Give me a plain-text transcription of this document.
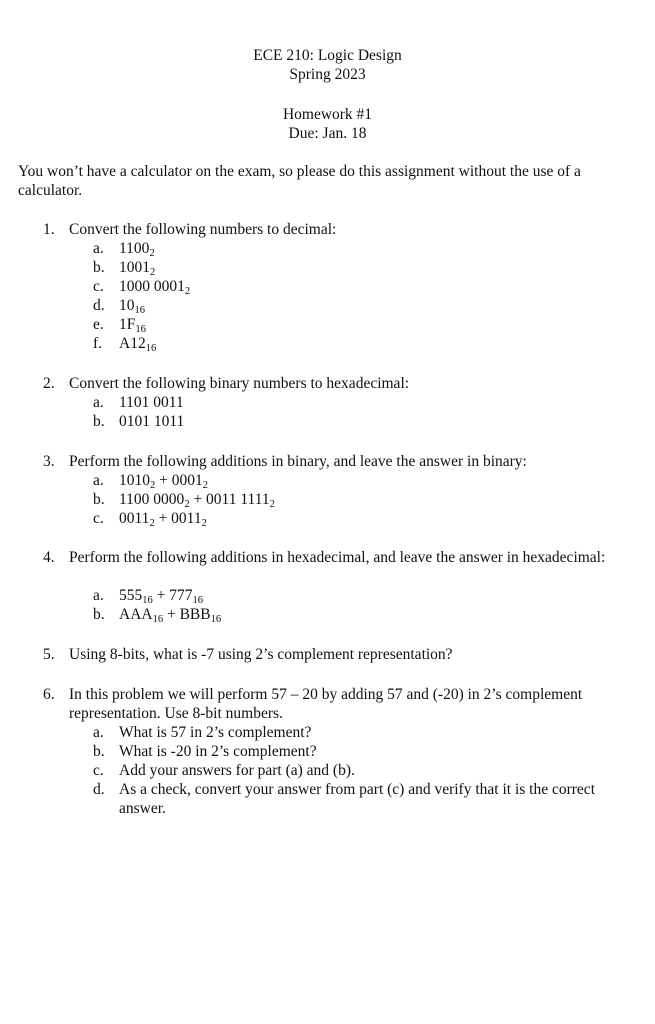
ECE 210: Logic Design
Spring 2023
Homework #1
Due: Jan. 18
You won’t have a calculator on the exam, so please do this assignment without the use of a calculator.
1. Convert the following numbers to decimal:
a. $1100_2$
b. $1001_2$
c. 1000 $0001_2$
d. $10_{16}$
e. $1F_{16}$
f. $A12_{16}$
2. Convert the following binary numbers to hexadecimal:
a. 1101 0011
b. 0101 1011
3. Perform the following additions in binary, and leave the answer in binary:
a. $1010_2 + 0001_2$
b. 1100 $0000_2 + 0011$ $1111_2$
c. $0011_2 + 0011_2$
4. Perform the following additions in hexadecimal, and leave the answer in hexadecimal:
a. $555_{16} + 777_{16}$
b. $AAA_{16} + BBB_{16}$
5. Using 8-bits, what is -7 using 2’s complement representation?
6. In this problem we will perform 57 – 20 by adding 57 and (-20) in 2’s complement representation. Use 8-bit numbers.
a. What is 57 in 2’s complement?
b. What is -20 in 2’s complement?
c. Add your answers for part (a) and (b).
d. As a check, convert your answer from part (c) and verify that it is the correct answer.
